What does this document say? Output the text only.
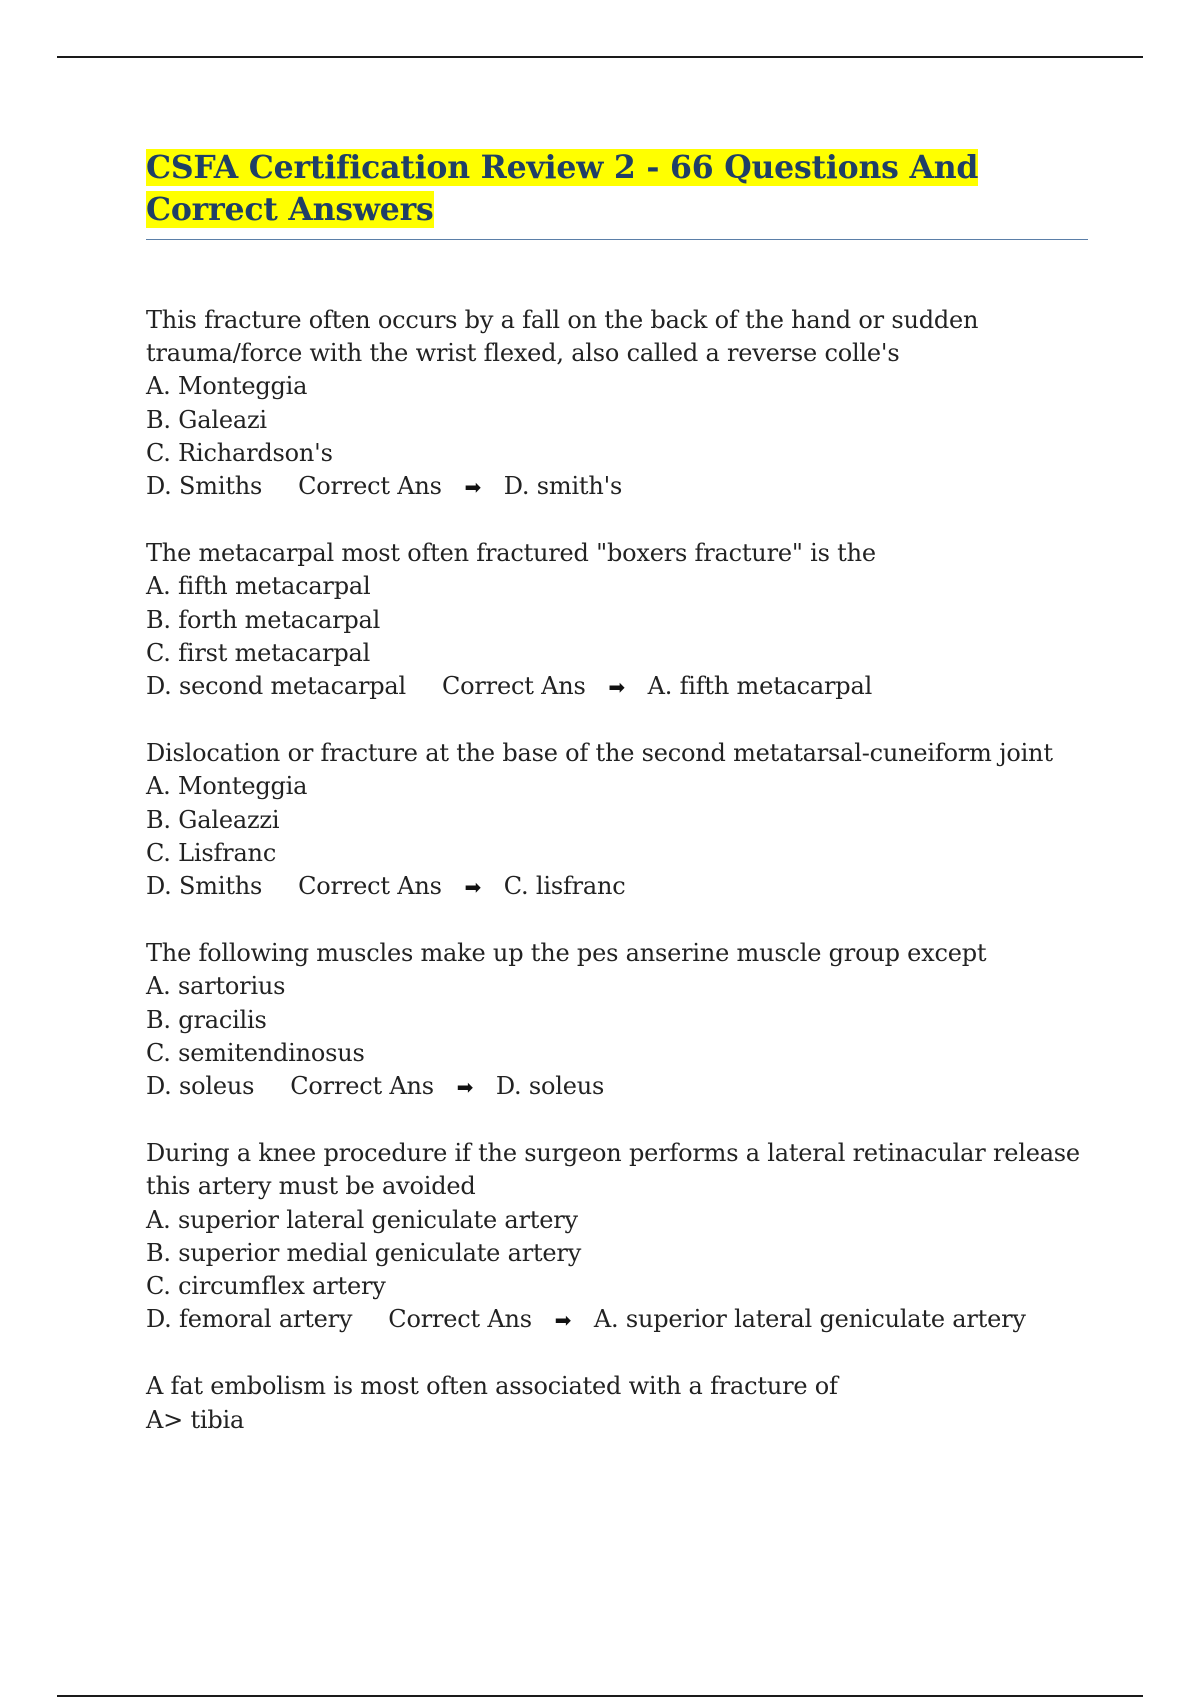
CSFA Certification Review 2 - 66 Questions And Correct Answers
This fracture often occurs by a fall on the back of the hand or sudden
trauma/force with the wrist flexed, also called a reverse colle's
A. Monteggia
B. Galeazi
C. Richardson's
D. Smiths Correct Ans ➡ D. smith's
The metacarpal most often fractured "boxers fracture" is the
A. fifth metacarpal
B. forth metacarpal
C. first metacarpal
D. second metacarpal Correct Ans ➡ A. fifth metacarpal
Dislocation or fracture at the base of the second metatarsal-cuneiform joint
A. Monteggia
B. Galeazzi
C. Lisfranc
D. Smiths Correct Ans ➡ C. lisfranc
The following muscles make up the pes anserine muscle group except
A. sartorius
B. gracilis
C. semitendinosus
D. soleus Correct Ans ➡ D. soleus
During a knee procedure if the surgeon performs a lateral retinacular release
this artery must be avoided
A. superior lateral geniculate artery
B. superior medial geniculate artery
C. circumflex artery
D. femoral artery Correct Ans ➡ A. superior lateral geniculate artery
A fat embolism is most often associated with a fracture of
A> tibia
